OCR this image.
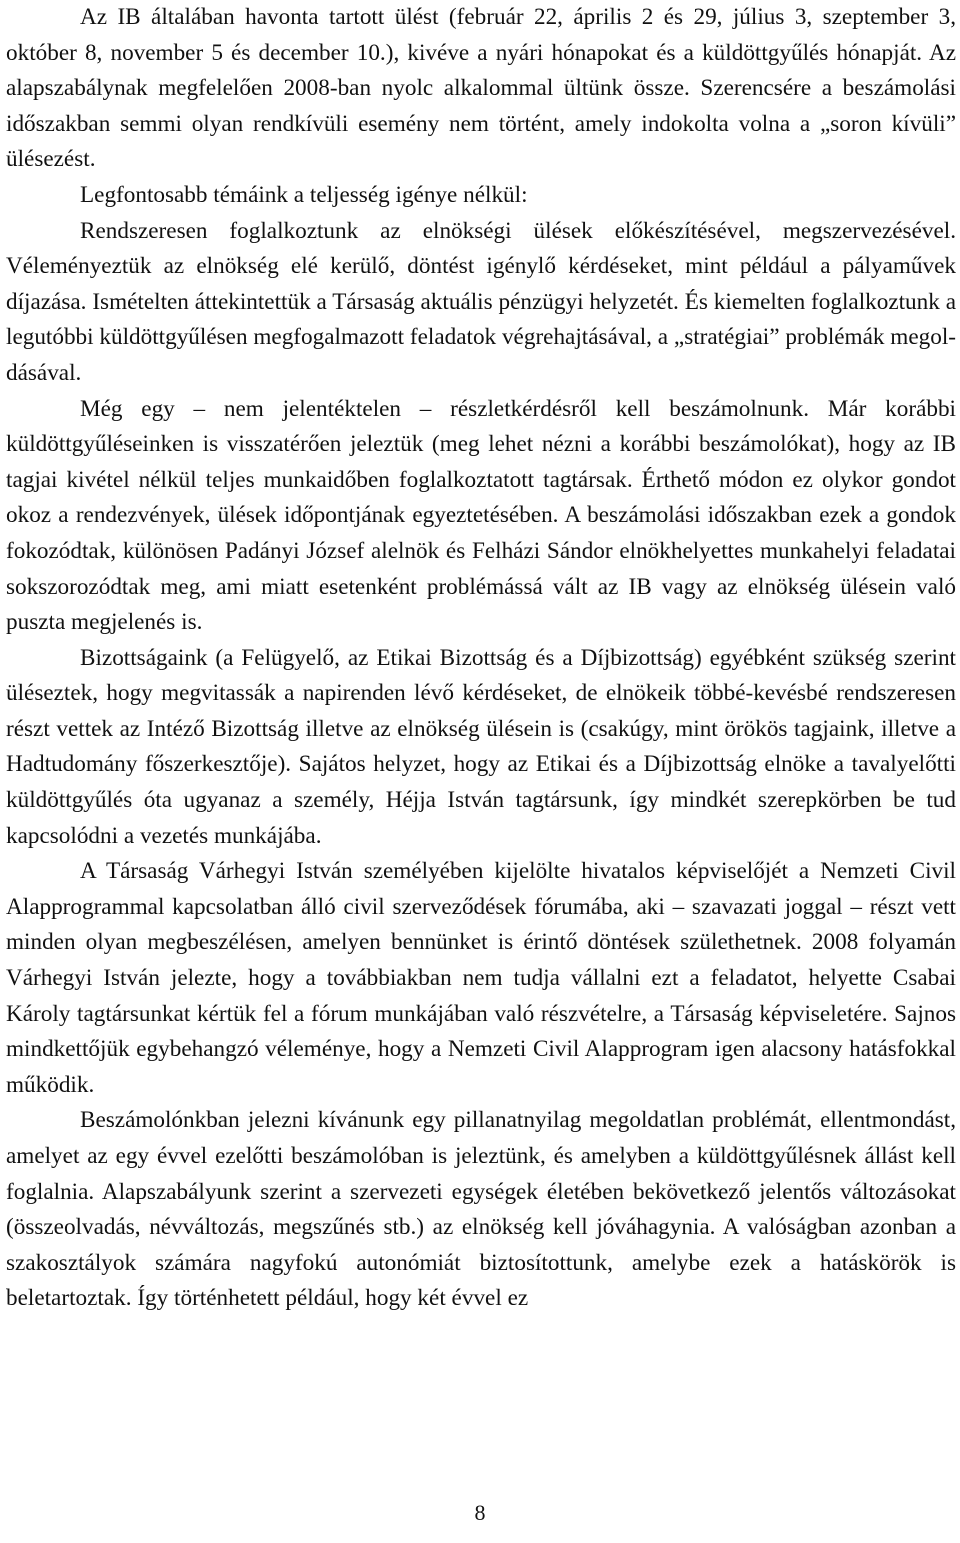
Az IB általában havonta tartott ülést (február 22, április 2 és 29, július 3, szeptember 3, október 8, november 5 és december 10.), kivéve a nyári hónapokat és a küldöttgyűlés hónapját. Az alapszabálynak megfelelően 2008-ban nyolc alkalommal ültünk össze. Szerencsére a beszámolási időszakban semmi olyan rendkívüli esemény nem történt, amely indokolta volna a „soron kívüli” ülésezést.

Legfontosabb témáink a teljesség igénye nélkül:

Rendszeresen foglalkoztunk az elnökségi ülések előkészítésével, megszervezésével. Véleményeztük az elnökség elé kerülő, döntést igénylő kérdéseket, mint például a pályaművek díjazása. Ismételten áttekintettük a Társaság aktuális pénzügyi helyzetét. És kiemelten foglalkoztunk a legutóbbi küldöttgyűlésen megfogalmazott feladatok végrehajtásával, a „stratégiai” problémák megoldásával.

Még egy – nem jelentéktelen – részletkérdésről kell beszámolnunk. Már korábbi küldöttgyűléseinken is visszatérően jeleztük (meg lehet nézni a korábbi beszámolókat), hogy az IB tagjai kivétel nélkül teljes munkaidőben foglalkoztatott tagtársak. Érthető módon ez olykor gondot okoz a rendezvények, ülések időpontjának egyeztetésében. A beszámolási időszakban ezek a gondok fokozódtak, különösen Padányi József alelnök és Felházi Sándor elnökhelyettes munkahelyi feladatai sokszorozódtak meg, ami miatt esetenként problémássá vált az IB vagy az elnökség ülésein való puszta megjelenés is.

Bizottságaink (a Felügyelő, az Etikai Bizottság és a Díjbizottság) egyébként szükség szerint üléseztek, hogy megvitassák a napirenden lévő kérdéseket, de elnökeik többé-kevésbé rendszeresen részt vettek az Intéző Bizottság illetve az elnökség ülésein is (csakúgy, mint örökös tagjaink, illetve a Hadtudomány főszerkesztője). Sajátos helyzet, hogy az Etikai és a Díjbizottság elnöke a tavalyelőtti küldöttgyűlés óta ugyanaz a személy, Héjja István tagtársunk, így mindkét szerepkörben be tud kapcsolódni a vezetés munkájába.

A Társaság Várhegyi István személyében kijelölte hivatalos képviselőjét a Nemzeti Civil Alapprogrammal kapcsolatban álló civil szerveződések fórumába, aki – szavazati joggal – részt vett minden olyan megbeszélésen, amelyen bennünket is érintő döntések születhetnek. 2008 folyamán Várhegyi István jelezte, hogy a továbbiakban nem tudja vállalni ezt a feladatot, helyette Csabai Károly tagtársunkat kértük fel a fórum munkájában való részvételre, a Társaság képviseletére. Sajnos mindkettőjük egybehangzó véleménye, hogy a Nemzeti Civil Alapprogram igen alacsony hatásfokkal működik.

Beszámolónkban jelezni kívánunk egy pillanatnyilag megoldatlan problémát, ellentmondást, amelyet az egy évvel ezelőtti beszámolóban is jeleztünk, és amelyben a küldöttgyűlésnek állást kell foglalnia. Alapszabályunk szerint a szervezeti egységek életében bekövetkező jelentős változásokat (összeolvadás, névváltozás, megszűnés stb.) az elnökség kell jóváhagynia. A valóságban azonban a szakosztályok számára nagyfokú autonómiát biztosítottunk, amelybe ezek a hatáskörök is beletartoztak. Így történhetett például, hogy két évvel ez

8
